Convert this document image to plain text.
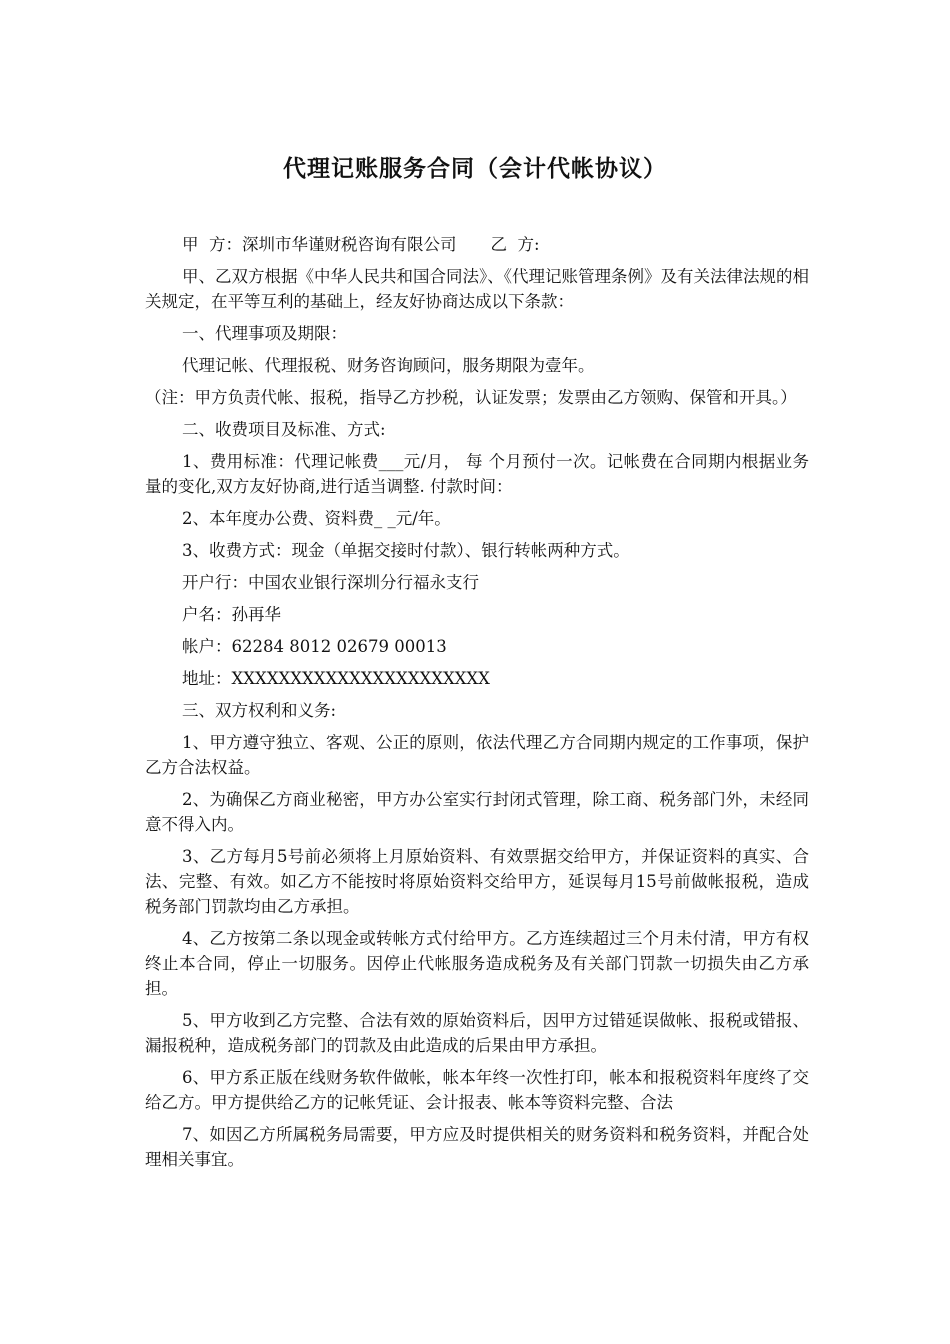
代理记账服务合同（会计代帐协议）

甲  方：深圳市华谨财税咨询有限公司 乙  方:

甲、乙双方根据《中华人民共和国合同法》、《代理记账管理条例》及有关法律法规的相关规定，在平等互利的基础上，经友好协商达成以下条款：

一、代理事项及期限：

代理记帐、代理报税、财务咨询顾问，服务期限为壹年。

（注：甲方负责代帐、报税，指导乙方抄税，认证发票；发票由乙方领购、保管和开具。）

二、收费项目及标准、方式:

1、费用标准：代理记帐费___元/月， 每 个月预付一次。记帐费在合同期内根据业务量的变化,双方友好协商,进行适当调整. 付款时间：

2、本年度办公费、资料费_ _元/年。

3、收费方式：现金（单据交接时付款）、银行转帐两种方式。

开户行：中国农业银行深圳分行福永支行

户名：孙再华

帐户：62284 8012 02679 00013

地址：XXXXXXXXXXXXXXXXXXXXXX

三、双方权利和义务:

1、甲方遵守独立、客观、公正的原则，依法代理乙方合同期内规定的工作事项，保护乙方合法权益。

2、为确保乙方商业秘密，甲方办公室实行封闭式管理，除工商、税务部门外，未经同意不得入内。

3、乙方每月5号前必须将上月原始资料、有效票据交给甲方，并保证资料的真实、合法、完整、有效。如乙方不能按时将原始资料交给甲方，延误每月15号前做帐报税，造成税务部门罚款均由乙方承担。

4、乙方按第二条以现金或转帐方式付给甲方。乙方连续超过三个月未付清，甲方有权终止本合同，停止一切服务。因停止代帐服务造成税务及有关部门罚款一切损失由乙方承担。

5、甲方收到乙方完整、合法有效的原始资料后，因甲方过错延误做帐、报税或错报、漏报税种，造成税务部门的罚款及由此造成的后果由甲方承担。

6、甲方系正版在线财务软件做帐，帐本年终一次性打印，帐本和报税资料年度终了交给乙方。甲方提供给乙方的记帐凭证、会计报表、帐本等资料完整、合法

7、如因乙方所属税务局需要，甲方应及时提供相关的财务资料和税务资料，并配合处理相关事宜。
